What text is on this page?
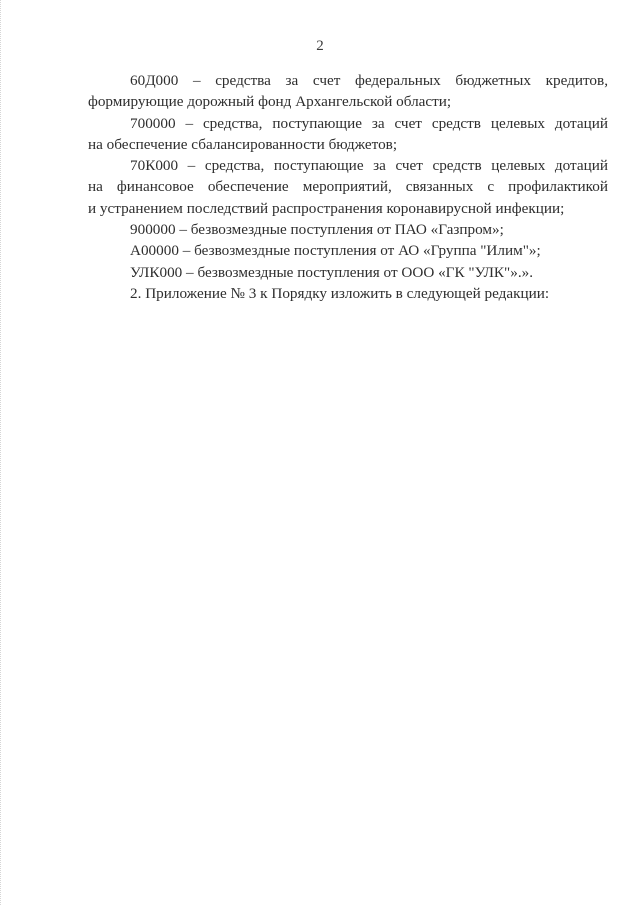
2

60Д000 – средства за счет федеральных бюджетных кредитов,
формирующие дорожный фонд Архангельской области;

700000 – средства, поступающие за счет средств целевых дотаций
на обеспечение сбалансированности бюджетов;

70К000 – средства, поступающие за счет средств целевых дотаций
на финансовое обеспечение мероприятий, связанных с профилактикой
и устранением последствий распространения коронавирусной инфекции;

900000 – безвозмездные поступления от ПАО «Газпром»;

А00000 – безвозмездные поступления от АО «Группа "Илим"»;

УЛК000 – безвозмездные поступления от ООО «ГК "УЛК"».».

2. Приложение № 3 к Порядку изложить в следующей редакции:
